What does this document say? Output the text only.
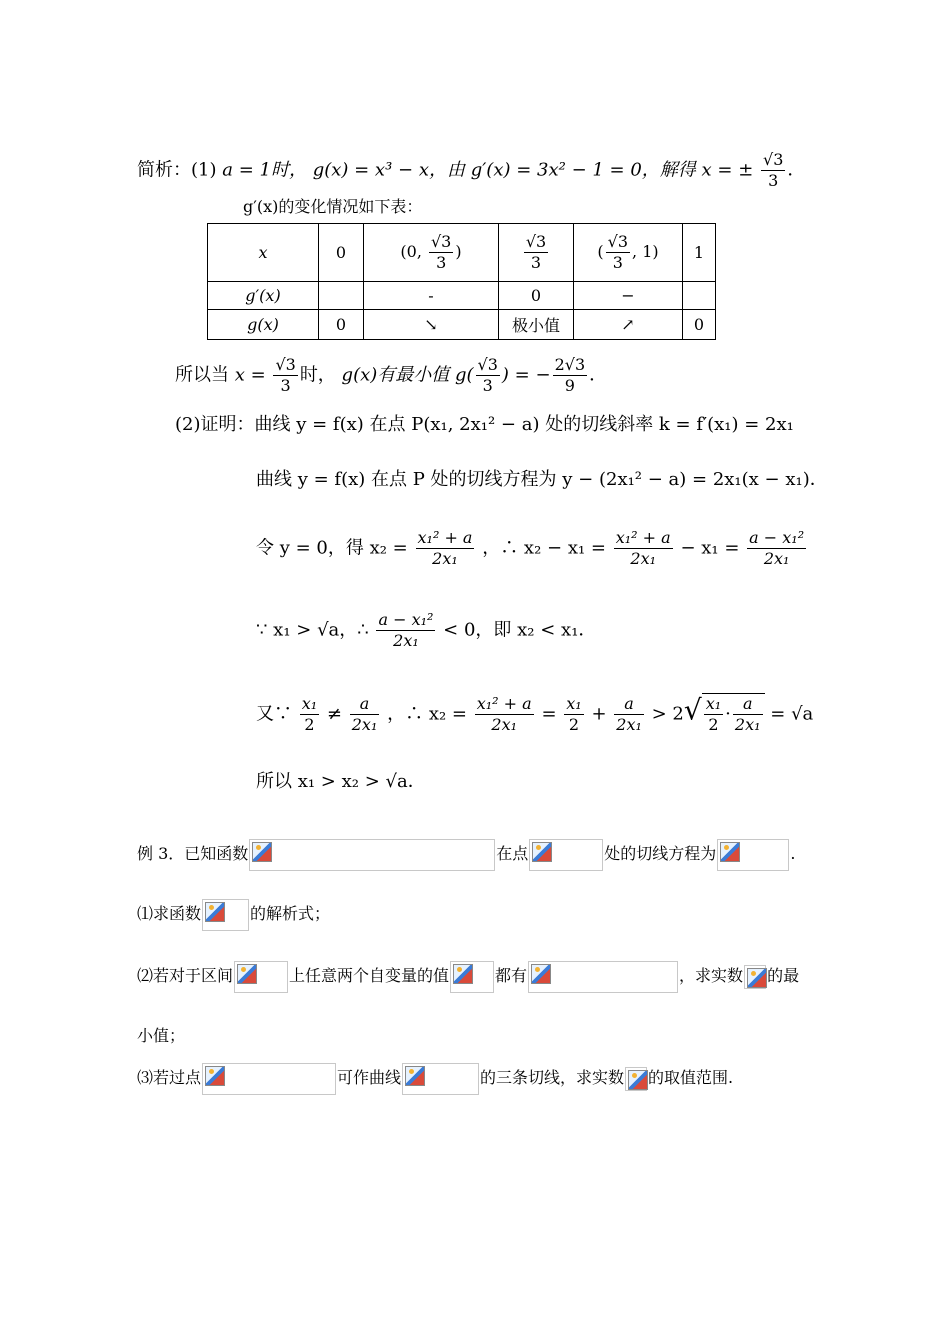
简析：(1) a = 1时， g(x) = x³ − x，由 g′(x) = 3x² − 1 = 0，解得 x = ± $\frac{√3}{3}$ ．
g′(x)的变化情况如下表：
x	0	(0, $\frac{√3}{3}$ )	$\frac{√3}{3}$	( $\frac{√3}{3}$ , 1)	1
g′(x)		-	0	−	
g(x)	0	↘	极小值	↗	0
所以当 $x = \frac{√3}{3}$ 时， g(x)有最小值 $g( \frac{√3}{3}$ ) = − $\frac{2√3}{9}$ ．
(2)证明：曲线 y = f(x) 在点 P(x₁, 2x₁² − a) 处的切线斜率 k = f′(x₁) = 2x₁
曲线 y = f(x) 在点 P 处的切线方程为 y − (2x₁² − a) = 2x₁(x − x₁)．
令 y = 0，得 $x_2 = \frac{\text{x₁² + a}}{\text{2x₁}}$ ，∴ $x_2 - x_1 = \frac{\text{x₁² + a}}{\text{2x₁}} - x_1 = \frac{\text{a − x₁²}}{\text{2x₁}}$
∵ x₁ > √a，∴ $\frac{\text{a − x₁²}}{\text{2x₁}} < 0$，即 x₂ < x₁．
又∵ $\frac{\text{x₁}}{2} \ne \frac{a}{\text{2x₁}}$ ，∴ $x_2 = \frac{\text{x₁² + a}}{\text{2x₁}} = \frac{\text{x₁}}{2} + \frac{a}{\text{2x₁}} > 2√ \frac{\text{x₁}}{2} \cdot \frac{a}{\text{2x₁}} = √a$
所以 x₁ > x₂ > √a．
例 3．已知函数	在点	处的切线方程为	.
⑴求函数	的解析式；
⑵若对于区间	上任意两个自变量的值	都有	，求实数 的最
小值；
⑶若过点	可作曲线	的三条切线，求实数 的取值范围.
